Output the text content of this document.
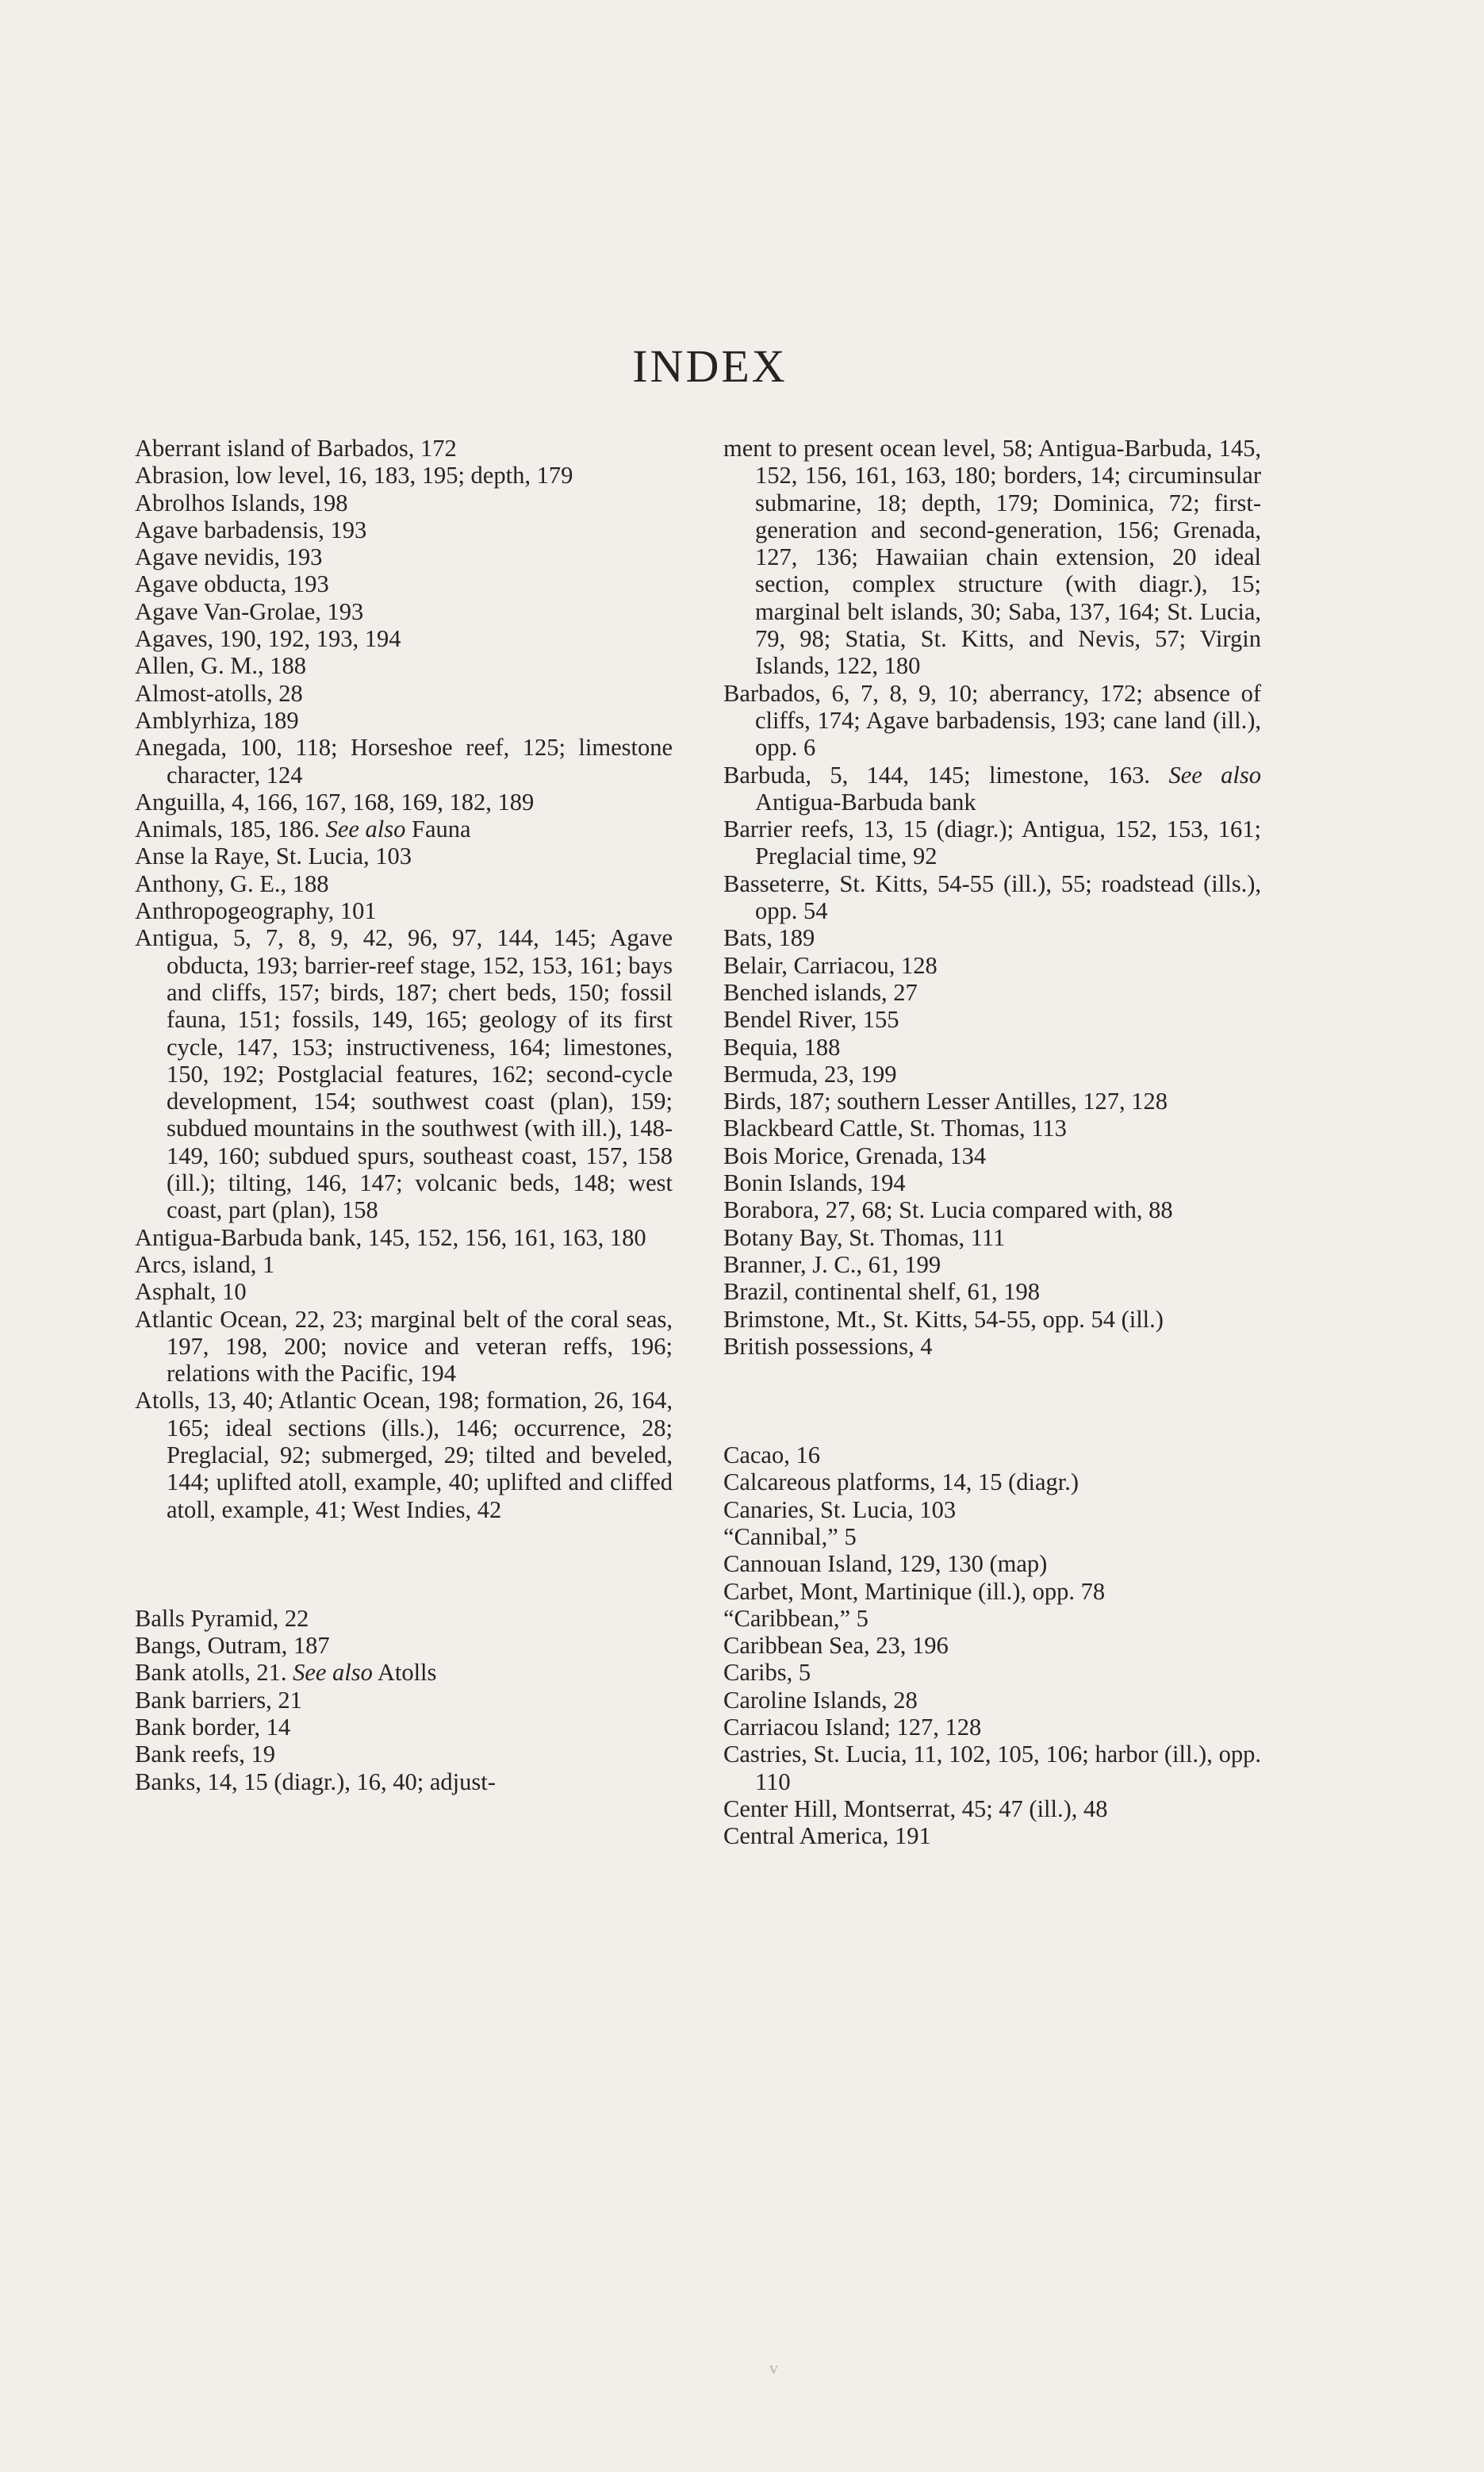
INDEX

Aberrant island of Barbados, 172

Abrasion, low level, 16, 183, 195; depth, 179

Abrolhos Islands, 198

Agave barbadensis, 193

Agave nevidis, 193

Agave obducta, 193

Agave Van-Grolae, 193

Agaves, 190, 192, 193, 194

Allen, G. M., 188

Almost-atolls, 28

Amblyrhiza, 189

Anegada, 100, 118; Horseshoe reef, 125; limestone character, 124

Anguilla, 4, 166, 167, 168, 169, 182, 189

Animals, 185, 186. See also Fauna

Anse la Raye, St. Lucia, 103

Anthony, G. E., 188

Anthropogeography, 101

Antigua, 5, 7, 8, 9, 42, 96, 97, 144, 145; Agave obducta, 193; barrier-reef stage, 152, 153, 161; bays and cliffs, 157; birds, 187; chert beds, 150; fossil fauna, 151; fossils, 149, 165; geology of its first cycle, 147, 153; instructiveness, 164; limestones, 150, 192; Postglacial features, 162; second-cycle development, 154; southwest coast (plan), 159; subdued mountains in the southwest (with ill.), 148-149, 160; subdued spurs, southeast coast, 157, 158 (ill.); tilting, 146, 147; volcanic beds, 148; west coast, part (plan), 158

Antigua-Barbuda bank, 145, 152, 156, 161, 163, 180

Arcs, island, 1

Asphalt, 10

Atlantic Ocean, 22, 23; marginal belt of the coral seas, 197, 198, 200; novice and veteran reffs, 196; relations with the Pacific, 194

Atolls, 13, 40; Atlantic Ocean, 198; formation, 26, 164, 165; ideal sections (ills.), 146; occurrence, 28; Preglacial, 92; submerged, 29; tilted and beveled, 144; uplifted atoll, example, 40; uplifted and cliffed atoll, example, 41; West Indies, 42

Balls Pyramid, 22

Bangs, Outram, 187

Bank atolls, 21. See also Atolls

Bank barriers, 21

Bank border, 14

Bank reefs, 19

Banks, 14, 15 (diagr.), 16, 40; adjust-

ment to present ocean level, 58; Antigua-Barbuda, 145, 152, 156, 161, 163, 180; borders, 14; circuminsular submarine, 18; depth, 179; Dominica, 72; first-generation and second-generation, 156; Grenada, 127, 136; Hawaiian chain extension, 20 ideal section, complex structure (with diagr.), 15; marginal belt islands, 30; Saba, 137, 164; St. Lucia, 79, 98; Statia, St. Kitts, and Nevis, 57; Virgin Islands, 122, 180

Barbados, 6, 7, 8, 9, 10; aberrancy, 172; absence of cliffs, 174; Agave barbadensis, 193; cane land (ill.), opp. 6

Barbuda, 5, 144, 145; limestone, 163. See also Antigua-Barbuda bank

Barrier reefs, 13, 15 (diagr.); Antigua, 152, 153, 161; Preglacial time, 92

Basseterre, St. Kitts, 54-55 (ill.), 55; roadstead (ills.), opp. 54

Bats, 189

Belair, Carriacou, 128

Benched islands, 27

Bendel River, 155

Bequia, 188

Bermuda, 23, 199

Birds, 187; southern Lesser Antilles, 127, 128

Blackbeard Cattle, St. Thomas, 113

Bois Morice, Grenada, 134

Bonin Islands, 194

Borabora, 27, 68; St. Lucia compared with, 88

Botany Bay, St. Thomas, 111

Branner, J. C., 61, 199

Brazil, continental shelf, 61, 198

Brimstone, Mt., St. Kitts, 54-55, opp. 54 (ill.)

British possessions, 4

Cacao, 16

Calcareous platforms, 14, 15 (diagr.)

Canaries, St. Lucia, 103

“Cannibal,” 5

Cannouan Island, 129, 130 (map)

Carbet, Mont, Martinique (ill.), opp. 78

“Caribbean,” 5

Caribbean Sea, 23, 196

Caribs, 5

Caroline Islands, 28

Carriacou Island; 127, 128

Castries, St. Lucia, 11, 102, 105, 106; harbor (ill.), opp. 110

Center Hill, Montserrat, 45; 47 (ill.), 48

Central America, 191

v
